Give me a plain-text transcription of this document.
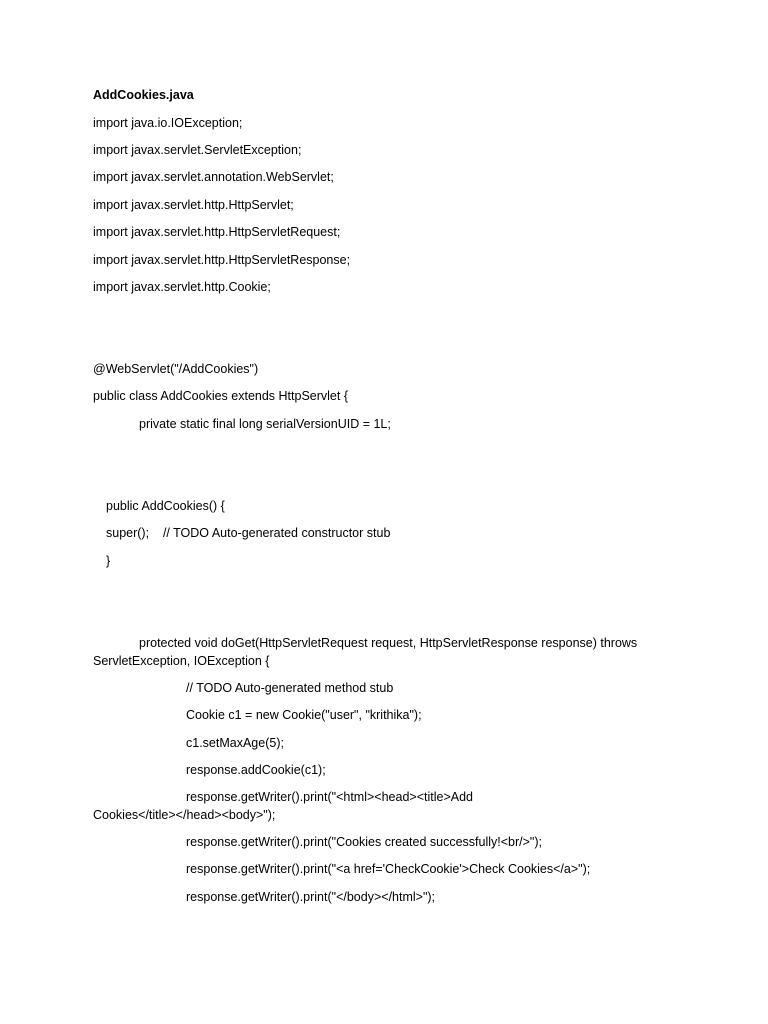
AddCookies.java
import java.io.IOException;
import javax.servlet.ServletException;
import javax.servlet.annotation.WebServlet;
import javax.servlet.http.HttpServlet;
import javax.servlet.http.HttpServletRequest;
import javax.servlet.http.HttpServletResponse;
import javax.servlet.http.Cookie;
@WebServlet("/AddCookies")
public class AddCookies extends HttpServlet {
private static final long serialVersionUID = 1L;
public AddCookies() {
super();    // TODO Auto-generated constructor stub
}
protected void doGet(HttpServletRequest request, HttpServletResponse response) throws ServletException, IOException {
// TODO Auto-generated method stub
Cookie c1 = new Cookie("user", "krithika");
c1.setMaxAge(5);
response.addCookie(c1);
response.getWriter().print("<html><head><title>Add Cookies</title></head><body>");
response.getWriter().print("Cookies created successfully!<br/>");
response.getWriter().print("<a href='CheckCookie'>Check Cookies</a>");
response.getWriter().print("</body></html>");
